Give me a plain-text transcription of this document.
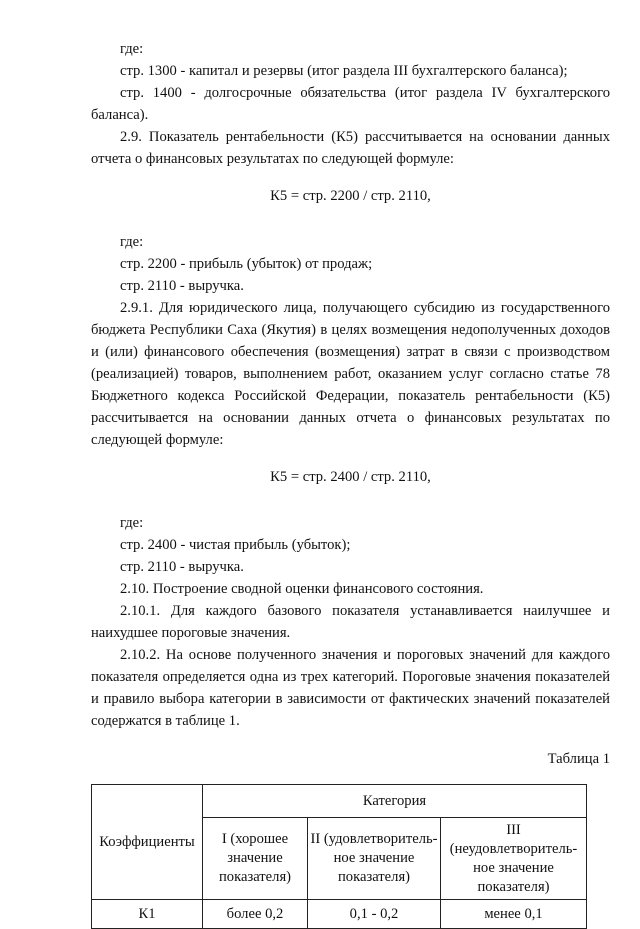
где:

стр. 1300 - капитал и резервы (итог раздела III бухгалтерского баланса);

стр. 1400 - долгосрочные обязательства (итог раздела IV бухгалтерского баланса).

2.9. Показатель рентабельности (К5) рассчитывается на основании данных отчета о финансовых результатах по следующей формуле:

К5 = стр. 2200 / стр. 2110,

где:

стр. 2200 - прибыль (убыток) от продаж;

стр. 2110 - выручка.

2.9.1. Для юридического лица, получающего субсидию из государственного бюджета Республики Саха (Якутия) в целях возмещения недополученных доходов и (или) финансового обеспечения (возмещения) затрат в связи с производством (реализацией) товаров, выполнением работ, оказанием услуг согласно статье 78 Бюджетного кодекса Российской Федерации, показатель рентабельности (К5) рассчитывается на основании данных отчета о финансовых результатах по следующей формуле:

К5 = стр. 2400 / стр. 2110,

где:

стр. 2400 - чистая прибыль (убыток);

стр. 2110 - выручка.

2.10. Построение сводной оценки финансового состояния.

2.10.1. Для каждого базового показателя устанавливается наилучшее и наихудшее пороговые значения.

2.10.2. На основе полученного значения и пороговых значений для каждого показателя определяется одна из трех категорий. Пороговые значения показателей и правило выбора категории в зависимости от фактических значений показателей содержатся в таблице 1.

Таблица 1

Коэффициенты	Категория		
	I (хорошее значение показателя)	II (удовлетворитель-ное значение показателя)	III (неудовлетворитель-ное значение показателя)
К1	более 0,2	0,1 - 0,2	менее 0,1
